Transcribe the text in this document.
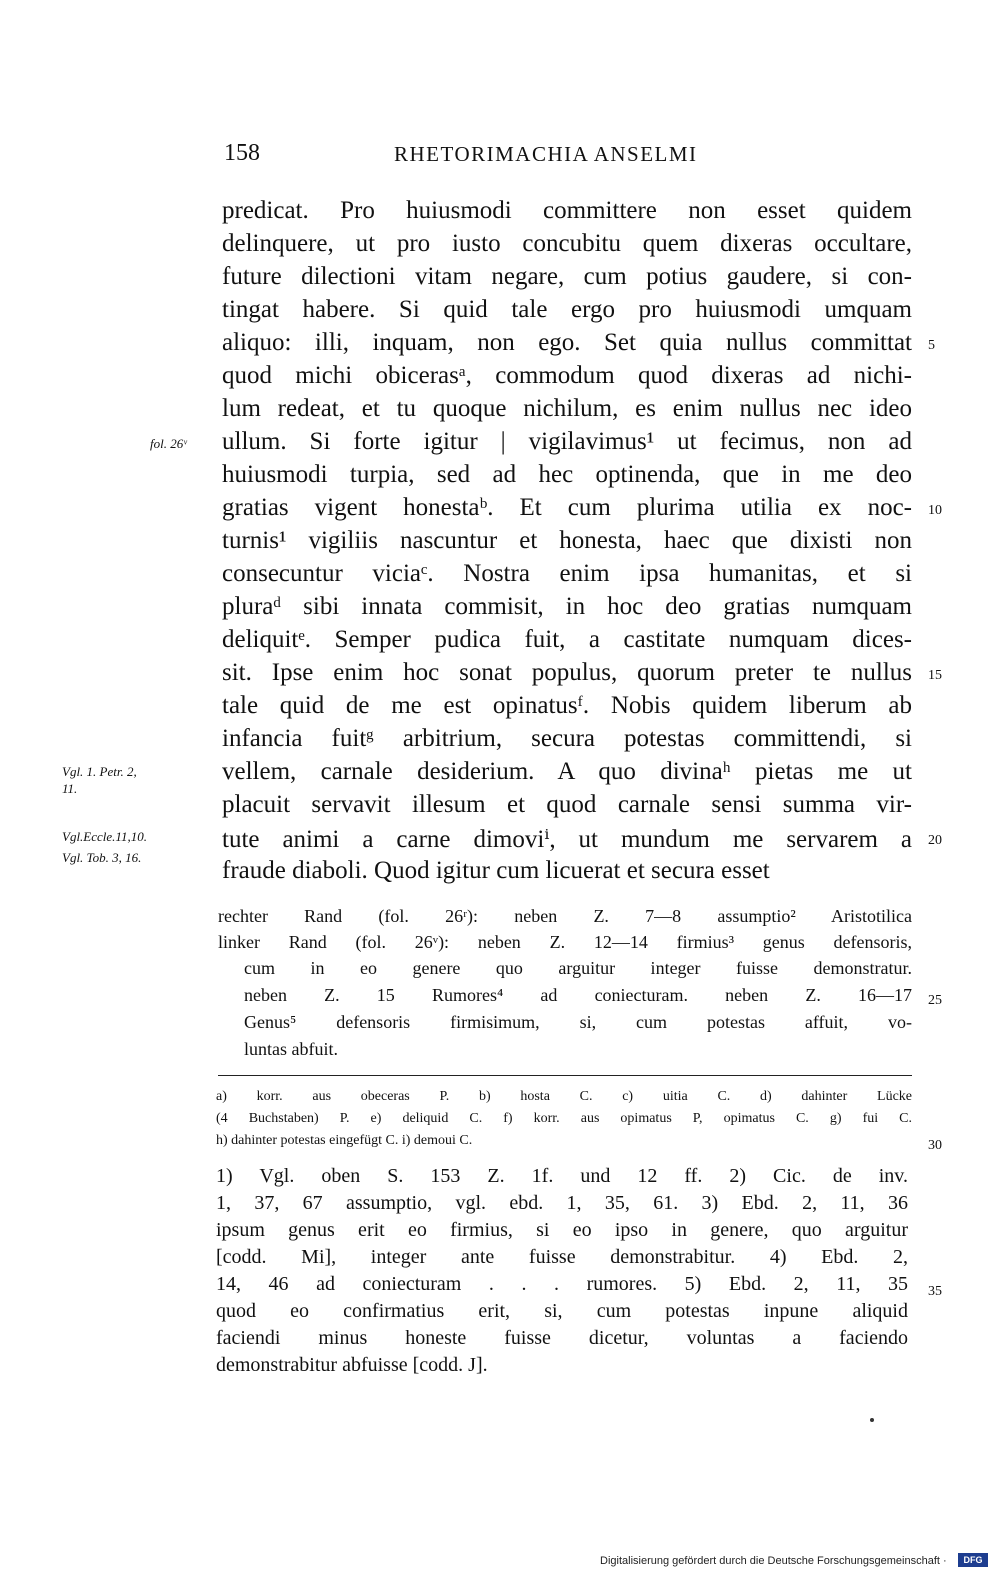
158	RHETORIMACHIA ANSELMI
predicat. Pro huiusmodi committere non esset quidem
delinquere, ut pro iusto concubitu quem dixeras occultare,
future dilectioni vitam negare, cum potius gaudere, si con-
tingat habere. Si quid tale ergo pro huiusmodi umquam
aliquo: illi, inquam, non ego. Set quia nullus committat
quod michi obicerasᵃ, commodum quod dixeras ad nichi-
lum redeat, et tu quoque nichilum, es enim nullus nec ideo
ullum. Si forte igitur | vigilavimus¹ ut fecimus, non ad
huiusmodi turpia, sed ad hec optinenda, que in me deo
gratias vigent honestaᵇ. Et cum plurima utilia ex noc-
turnis¹ vigiliis nascuntur et honesta, haec que dixisti non
consecuntur viciaᶜ. Nostra enim ipsa humanitas, et si
pluraᵈ sibi innata commisit, in hoc deo gratias numquam
deliquitᵉ. Semper pudica fuit, a castitate numquam dices-
sit. Ipse enim hoc sonat populus, quorum preter te nullus
tale quid de me est opinatusᶠ. Nobis quidem liberum ab
infancia fuitᵍ arbitrium, secura potestas committendi, si
vellem, carnale desiderium. A quo divinaʰ pietas me ut
placuit servavit illesum et quod carnale sensi summa vir-
tute animi a carne dimoviⁱ, ut mundum me servarem a
fraude diaboli. Quod igitur cum licuerat et secura esset
fol. 26ᵛ
Vgl. 1. Petr. 2,
11.
Vgl.Eccle.11,10.
Vgl. Tob. 3, 16.
5
10
15
20
25
30
35
rechter Rand (fol. 26ʳ): neben Z. 7—8 assumptio² Aristotilica
linker Rand (fol. 26ᵛ): neben Z. 12—14 firmius³ genus defensoris,
cum in eo genere quo arguitur integer fuisse demonstratur.
neben Z. 15 Rumores⁴ ad coniecturam. neben Z. 16—17
Genus⁵ defensoris firmisimum, si, cum potestas affuit, vo-
luntas abfuit.
a) korr. aus obeceras P. b) hosta C. c) uitia C. d) dahinter Lücke
(4 Buchstaben) P. e) deliquid C. f) korr. aus opimatus P, opimatus C. g) fui C.
h) dahinter potestas eingefügt C. i) demoui C.
1) Vgl. oben S. 153 Z. 1f. und 12 ff. 2) Cic. de inv.
1, 37, 67 assumptio, vgl. ebd. 1, 35, 61. 3) Ebd. 2, 11, 36
ipsum genus erit eo firmius, si eo ipso in genere, quo arguitur
[codd. Mi], integer ante fuisse demonstrabitur. 4) Ebd. 2,
14, 46 ad coniecturam . . . rumores. 5) Ebd. 2, 11, 35
quod eo confirmatius erit, si, cum potestas inpune aliquid
faciendi minus honeste fuisse dicetur, voluntas a faciendo
demonstrabitur abfuisse [codd. J].
Digitalisierung gefördert durch die Deutsche Forschungsgemeinschaft ·	DFG
